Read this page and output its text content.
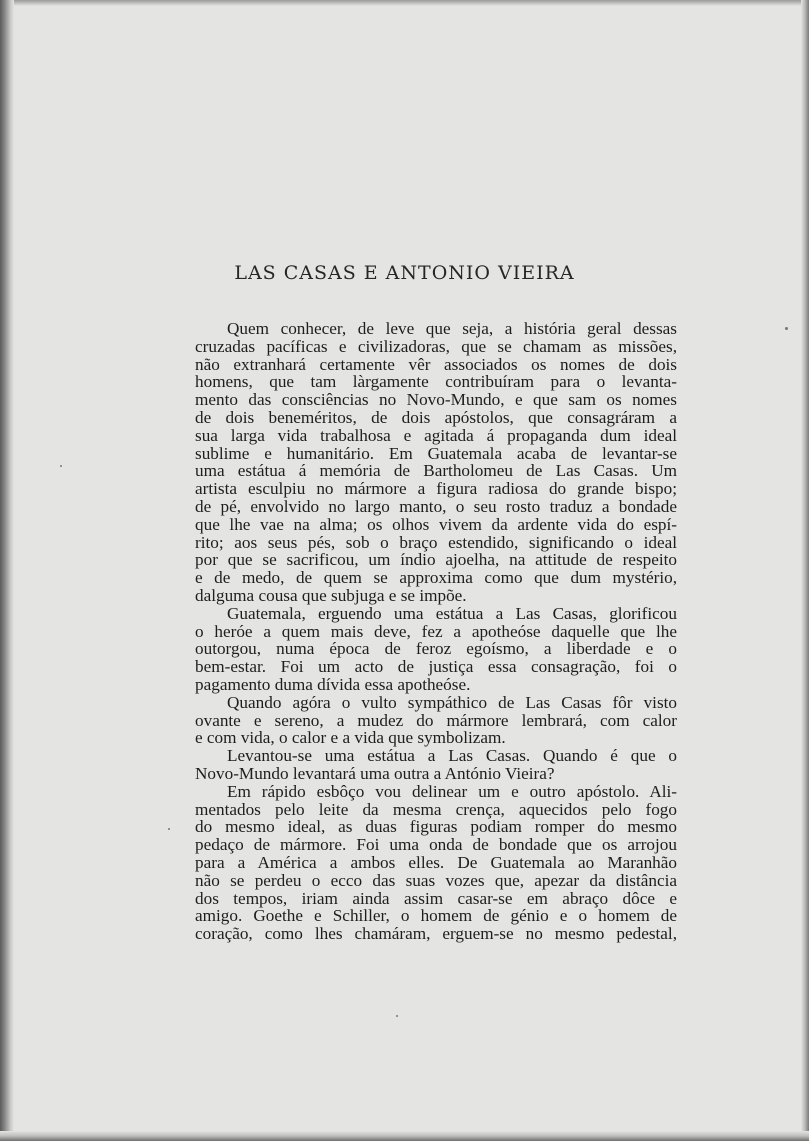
LAS CASAS E ANTONIO VIEIRA
Quem conhecer, de leve que seja, a história geral dessas
cruzadas pacíficas e civilizadoras, que se chamam as missões,
não extranhará certamente vêr associados os nomes de dois
homens, que tam làrgamente contribuíram para o levanta-
mento das consciências no Novo-Mundo, e que sam os nomes
de dois beneméritos, de dois apóstolos, que consagráram a
sua larga vida trabalhosa e agitada á propaganda dum ideal
sublime e humanitário. Em Guatemala acaba de levantar-se
uma estátua á memória de Bartholomeu de Las Casas. Um
artista esculpiu no mármore a figura radiosa do grande bispo;
de pé, envolvido no largo manto, o seu rosto traduz a bondade
que lhe vae na alma; os olhos vivem da ardente vida do espí-
rito; aos seus pés, sob o braço estendido, significando o ideal
por que se sacrificou, um índio ajoelha, na attitude de respeito
e de medo, de quem se approxima como que dum mystério,
dalguma cousa que subjuga e se impõe.
Guatemala, erguendo uma estátua a Las Casas, glorificou
o heróe a quem mais deve, fez a apotheóse daquelle que lhe
outorgou, numa época de feroz egoísmo, a liberdade e o
bem-estar. Foi um acto de justiça essa consagração, foi o
pagamento duma dívida essa apotheóse.
Quando agóra o vulto sympáthico de Las Casas fôr visto
ovante e sereno, a mudez do mármore lembrará, com calor
e com vida, o calor e a vida que symbolizam.
Levantou-se uma estátua a Las Casas. Quando é que o
Novo-Mundo levantará uma outra a António Vieira?
Em rápido esbôço vou delinear um e outro apóstolo. Ali-
mentados pelo leite da mesma crença, aquecidos pelo fogo
do mesmo ideal, as duas figuras podiam romper do mesmo
pedaço de mármore. Foi uma onda de bondade que os arrojou
para a América a ambos elles. De Guatemala ao Maranhão
não se perdeu o ecco das suas vozes que, apezar da distância
dos tempos, iriam ainda assim casar-se em abraço dôce e
amigo. Goethe e Schiller, o homem de génio e o homem de
coração, como lhes chamáram, erguem-se no mesmo pedestal,
